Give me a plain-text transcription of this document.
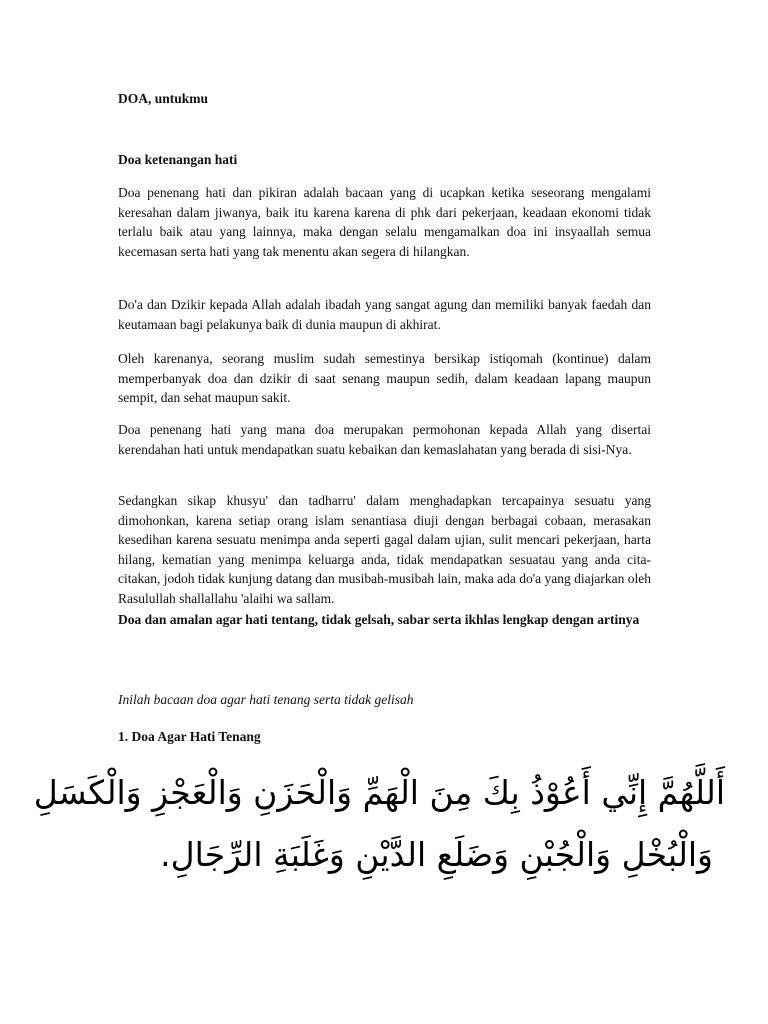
DOA, untukmu

Doa ketenangan hati

Doa penenang hati dan pikiran adalah bacaan yang di ucapkan ketika seseorang mengalami keresahan dalam jiwanya, baik itu karena karena di phk dari pekerjaan, keadaan ekonomi tidak terlalu baik atau yang lainnya, maka dengan selalu mengamalkan doa ini insyaallah semua kecemasan serta hati yang tak menentu akan segera di hilangkan.

Do'a dan Dzikir kepada Allah adalah ibadah yang sangat agung dan memiliki banyak faedah dan keutamaan bagi pelakunya baik di dunia maupun di akhirat.

Oleh karenanya, seorang muslim sudah semestinya bersikap istiqomah (kontinue) dalam memperbanyak doa dan dzikir di saat senang maupun sedih, dalam keadaan lapang maupun sempit, dan sehat maupun sakit.

Doa penenang hati yang mana doa merupakan permohonan kepada Allah yang disertai kerendahan hati untuk mendapatkan suatu kebaikan dan kemaslahatan yang berada di sisi-Nya.

Sedangkan sikap khusyu' dan tadharru' dalam menghadapkan tercapainya sesuatu yang dimohonkan, karena setiap orang islam senantiasa diuji dengan berbagai cobaan, merasakan kesedihan karena sesuatu menimpa anda seperti gagal dalam ujian, sulit mencari pekerjaan, harta hilang, kematian yang menimpa keluarga anda, tidak mendapatkan sesuatau yang anda cita-citakan, jodoh tidak kunjung datang dan musibah-musibah lain, maka ada do'a yang diajarkan oleh Rasulullah shallallahu 'alaihi wa sallam.

Doa dan amalan agar hati tentang, tidak gelsah, sabar serta ikhlas lengkap dengan artinya

Inilah bacaan doa agar hati tenang serta tidak gelisah

1. Doa Agar Hati Tenang

أَللَّهُمَّ إِنِّي أَعُوْذُ بِكَ مِنَ الْهَمِّ وَالْحَزَنِ وَالْعَجْزِ وَالْكَسَلِ
وَالْبُخْلِ وَالْجُبْنِ وَضَلَعِ الدَّيْنِ وَغَلَبَةِ الرِّجَالِ.
